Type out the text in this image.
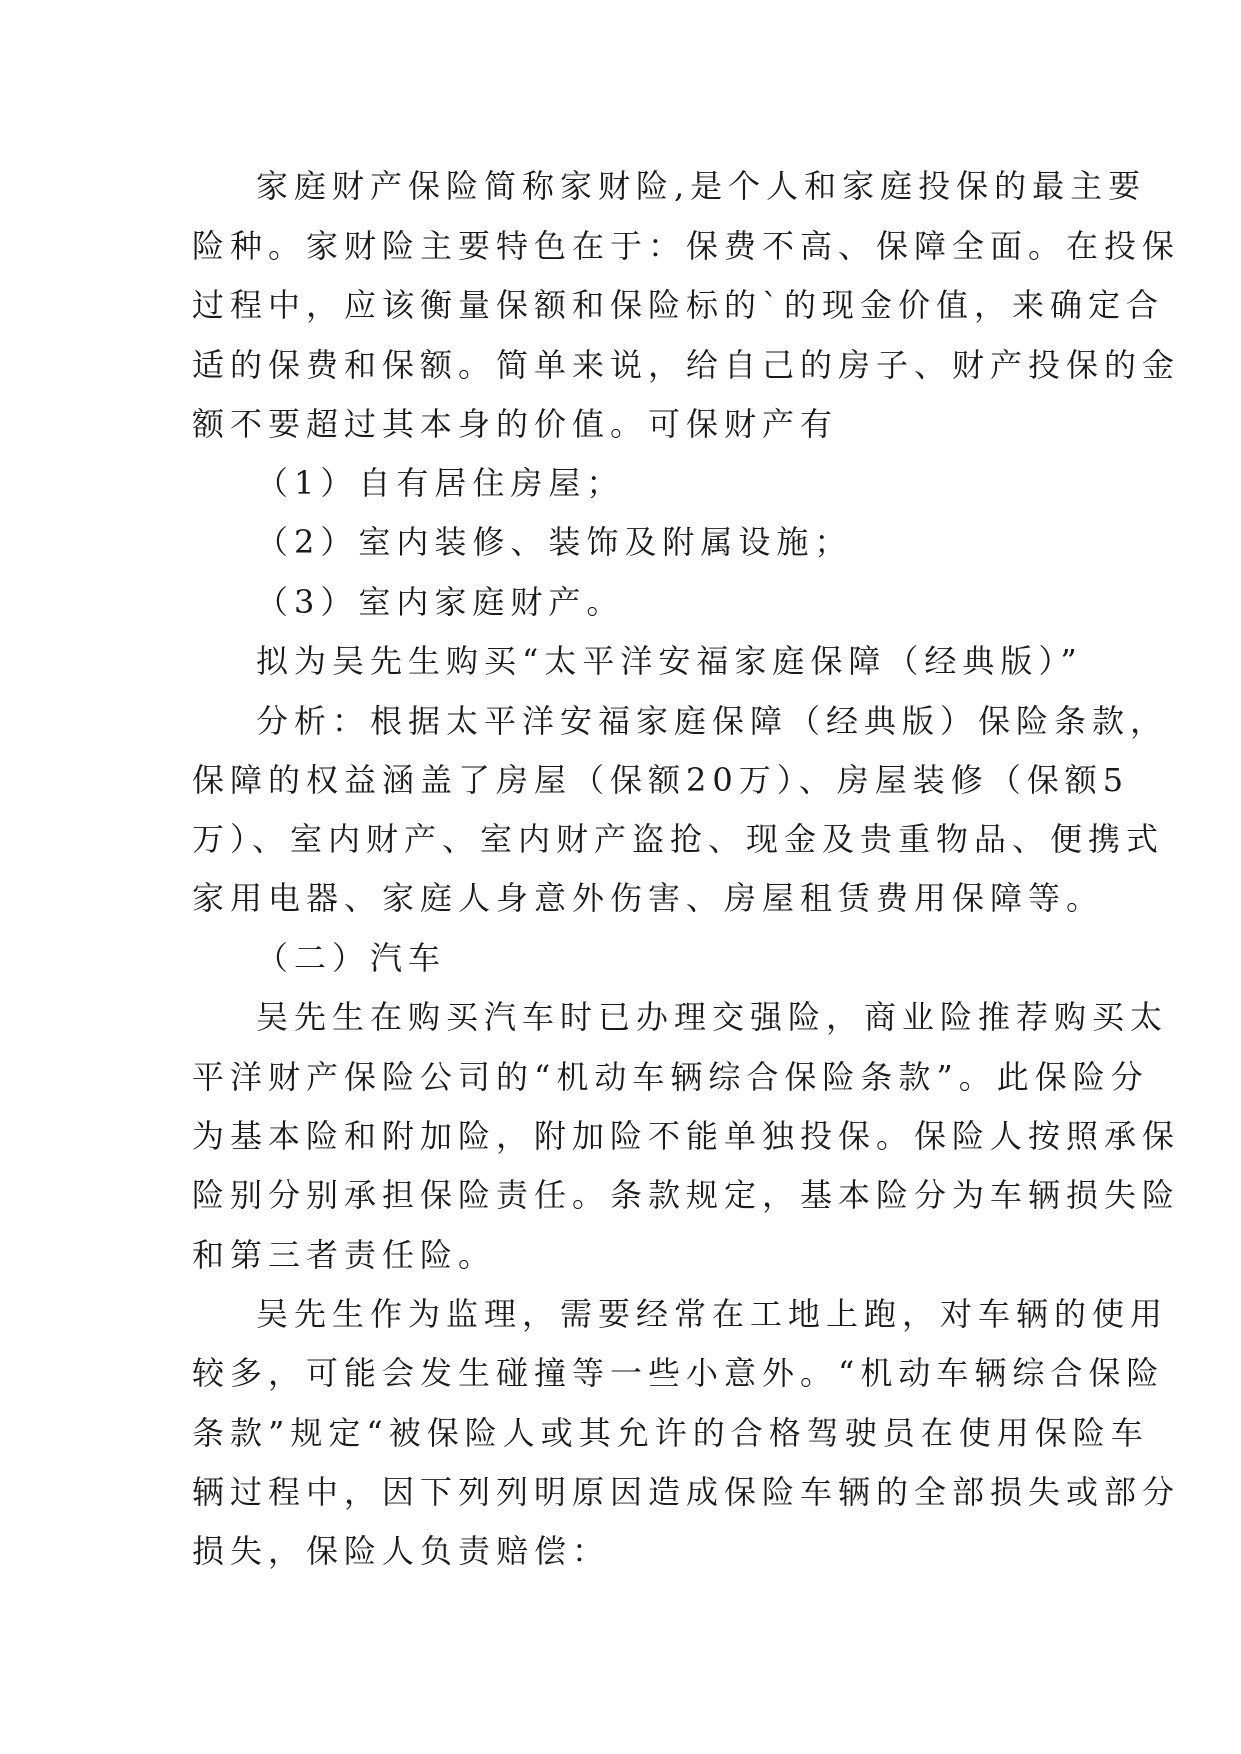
家庭财产保险简称家财险,是个人和家庭投保的最主要
险种。家财险主要特色在于：保费不高、保障全面。在投保
过程中，应该衡量保额和保险标的`的现金价值，来确定合
适的保费和保额。简单来说，给自己的房子、财产投保的金
额不要超过其本身的价值。可保财产有
（1）自有居住房屋；
（2）室内装修、装饰及附属设施；
（3）室内家庭财产。
拟为吴先生购买“太平洋安福家庭保障（经典版）”
分析：根据太平洋安福家庭保障（经典版）保险条款，
保障的权益涵盖了房屋（保额20万）、房屋装修（保额5
万）、室内财产、室内财产盗抢、现金及贵重物品、便携式
家用电器、家庭人身意外伤害、房屋租赁费用保障等。
（二）汽车
吴先生在购买汽车时已办理交强险，商业险推荐购买太
平洋财产保险公司的“机动车辆综合保险条款”。此保险分
为基本险和附加险，附加险不能单独投保。保险人按照承保
险别分别承担保险责任。条款规定，基本险分为车辆损失险
和第三者责任险。
吴先生作为监理，需要经常在工地上跑，对车辆的使用
较多，可能会发生碰撞等一些小意外。“机动车辆综合保险
条款”规定“被保险人或其允许的合格驾驶员在使用保险车
辆过程中，因下列列明原因造成保险车辆的全部损失或部分
损失，保险人负责赔偿：
